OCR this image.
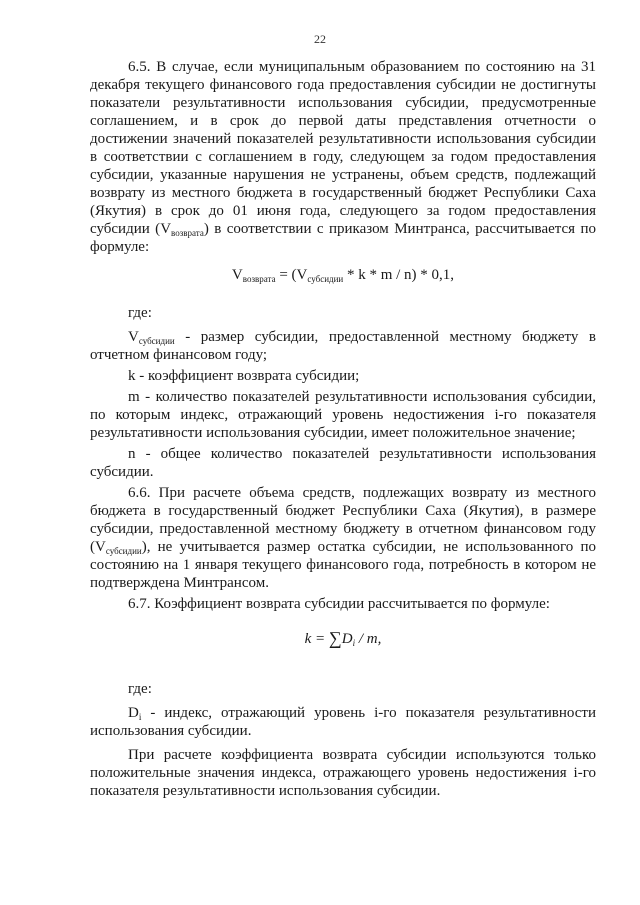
22

6.5. В случае, если муниципальным образованием по состоянию на 31 декабря текущего финансового года предоставления субсидии не достигнуты показатели результативности использования субсидии, предусмотренные соглашением, и в срок до первой даты представления отчетности о достижении значений показателей результативности использования субсидии в соответствии с соглашением в году, следующем за годом предоставления субсидии, указанные нарушения не устранены, объем средств, подлежащий возврату из местного бюджета в государственный бюджет Республики Саха (Якутия) в срок до 01 июня года, следующего за годом предоставления субсидии $(V_{возврата})$ в соответствии с приказом Минтранса, рассчитывается по формуле:

$V_{возврата} = (V_{субсидии} * k * m / n) * 0,1$,

где:

$V_{субсидии}$ - размер субсидии, предоставленной местному бюджету в отчетном финансовом году;

k - коэффициент возврата субсидии;

m - количество показателей результативности использования субсидии, по которым индекс, отражающий уровень недостижения i-го показателя результативности использования субсидии, имеет положительное значение;

n - общее количество показателей результативности использования субсидии.

6.6. При расчете объема средств, подлежащих возврату из местного бюджета в государственный бюджет Республики Саха (Якутия), в размере субсидии, предоставленной местному бюджету в отчетном финансовом году $(V_{субсидии})$, не учитывается размер остатка субсидии, не использованного по состоянию на 1 января текущего финансового года, потребность в котором не подтверждена Минтрансом.

6.7. Коэффициент возврата субсидии рассчитывается по формуле:

$k = \sum D_i / m$,

где:

$D_i$ - индекс, отражающий уровень i-го показателя результативности использования субсидии.

При расчете коэффициента возврата субсидии используются только положительные значения индекса, отражающего уровень недостижения i-го показателя результативности использования субсидии.
